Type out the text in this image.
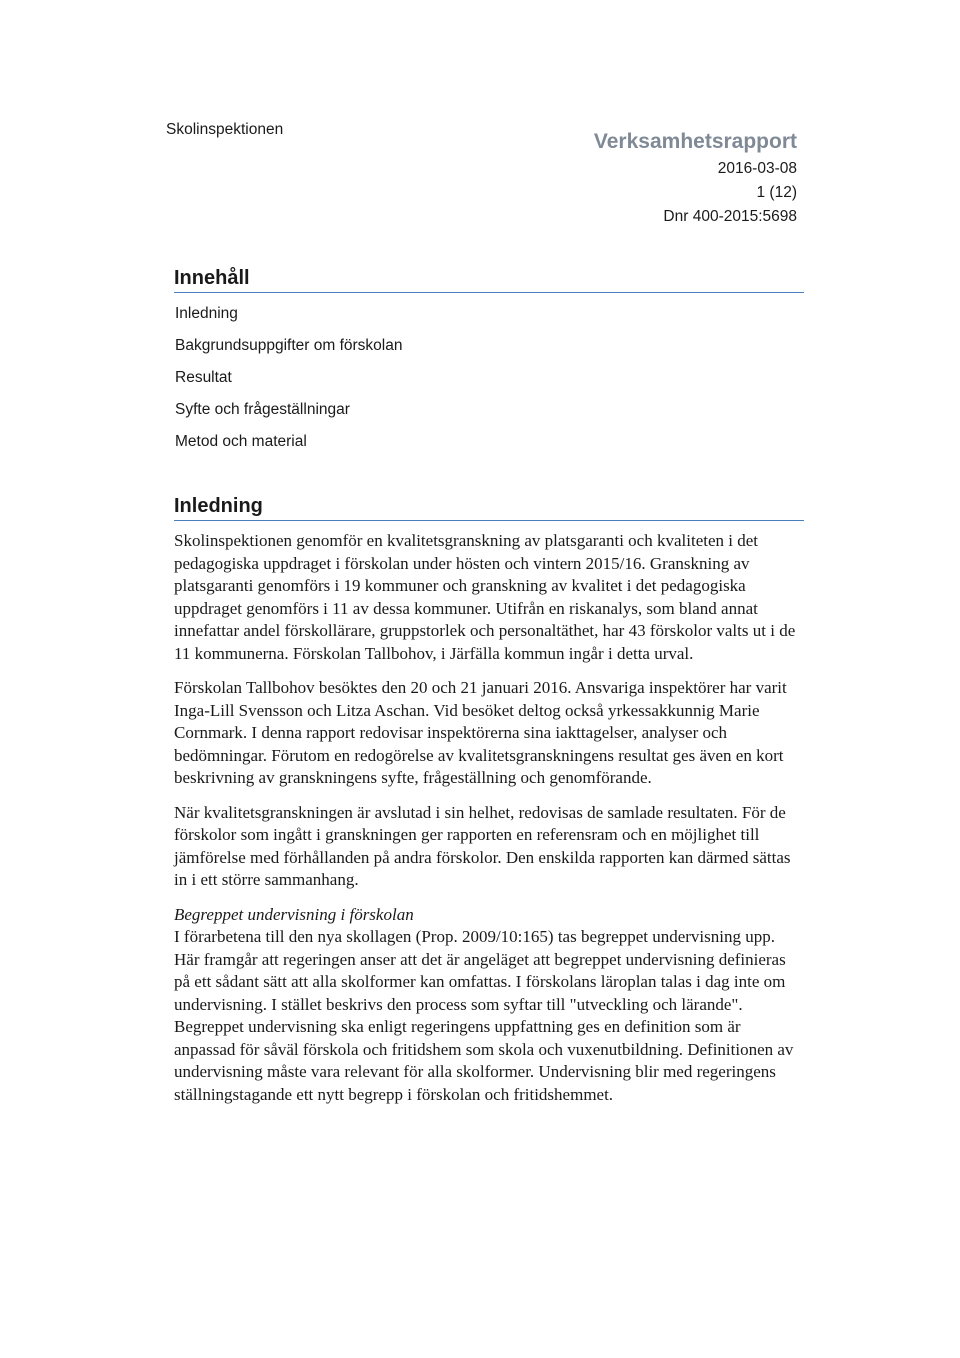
Skolinspektionen
Verksamhetsrapport
2016-03-08
1 (12)
Dnr 400-2015:5698
Innehåll
Inledning
Bakgrundsuppgifter om förskolan
Resultat
Syfte och frågeställningar
Metod och material
Inledning

Skolinspektionen genomför en kvalitetsgranskning av platsgaranti och kvaliteten i det pedagogiska uppdraget i förskolan under hösten och vintern 2015/16. Granskning av platsgaranti genomförs i 19 kommuner och granskning av kvalitet i det pedagogiska uppdraget genomförs i 11 av dessa kommuner. Utifrån en riskanalys, som bland annat innefattar andel förskollärare, gruppstorlek och personaltäthet, har 43 förskolor valts ut i de 11 kommunerna. Förskolan Tallbohov, i Järfälla kommun ingår i detta urval.

Förskolan Tallbohov besöktes den 20 och 21 januari 2016. Ansvariga inspektörer har varit Inga-Lill Svensson och Litza Aschan. Vid besöket deltog också yrkessakkunnig Marie Cornmark. I denna rapport redovisar inspektörerna sina iakttagelser, analyser och bedömningar. Förutom en redogörelse av kvalitetsgranskningens resultat ges även en kort beskrivning av granskningens syfte, frågeställning och genomförande.

När kvalitetsgranskningen är avslutad i sin helhet, redovisas de samlade resultaten. För de förskolor som ingått i granskningen ger rapporten en referensram och en möjlighet till jämförelse med förhållanden på andra förskolor. Den enskilda rapporten kan därmed sättas in i ett större sammanhang.

Begreppet undervisning i förskolan

I förarbetena till den nya skollagen (Prop. 2009/10:165) tas begreppet undervisning upp. Här framgår att regeringen anser att det är angeläget att begreppet undervisning definieras på ett sådant sätt att alla skolformer kan omfattas. I förskolans läroplan talas i dag inte om undervisning. I stället beskrivs den process som syftar till "utveckling och lärande". Begreppet undervisning ska enligt regeringens uppfattning ges en definition som är anpassad för såväl förskola och fritidshem som skola och vuxenutbildning. Definitionen av undervisning måste vara relevant för alla skolformer. Undervisning blir med regeringens ställningstagande ett nytt begrepp i förskolan och fritidshemmet.
